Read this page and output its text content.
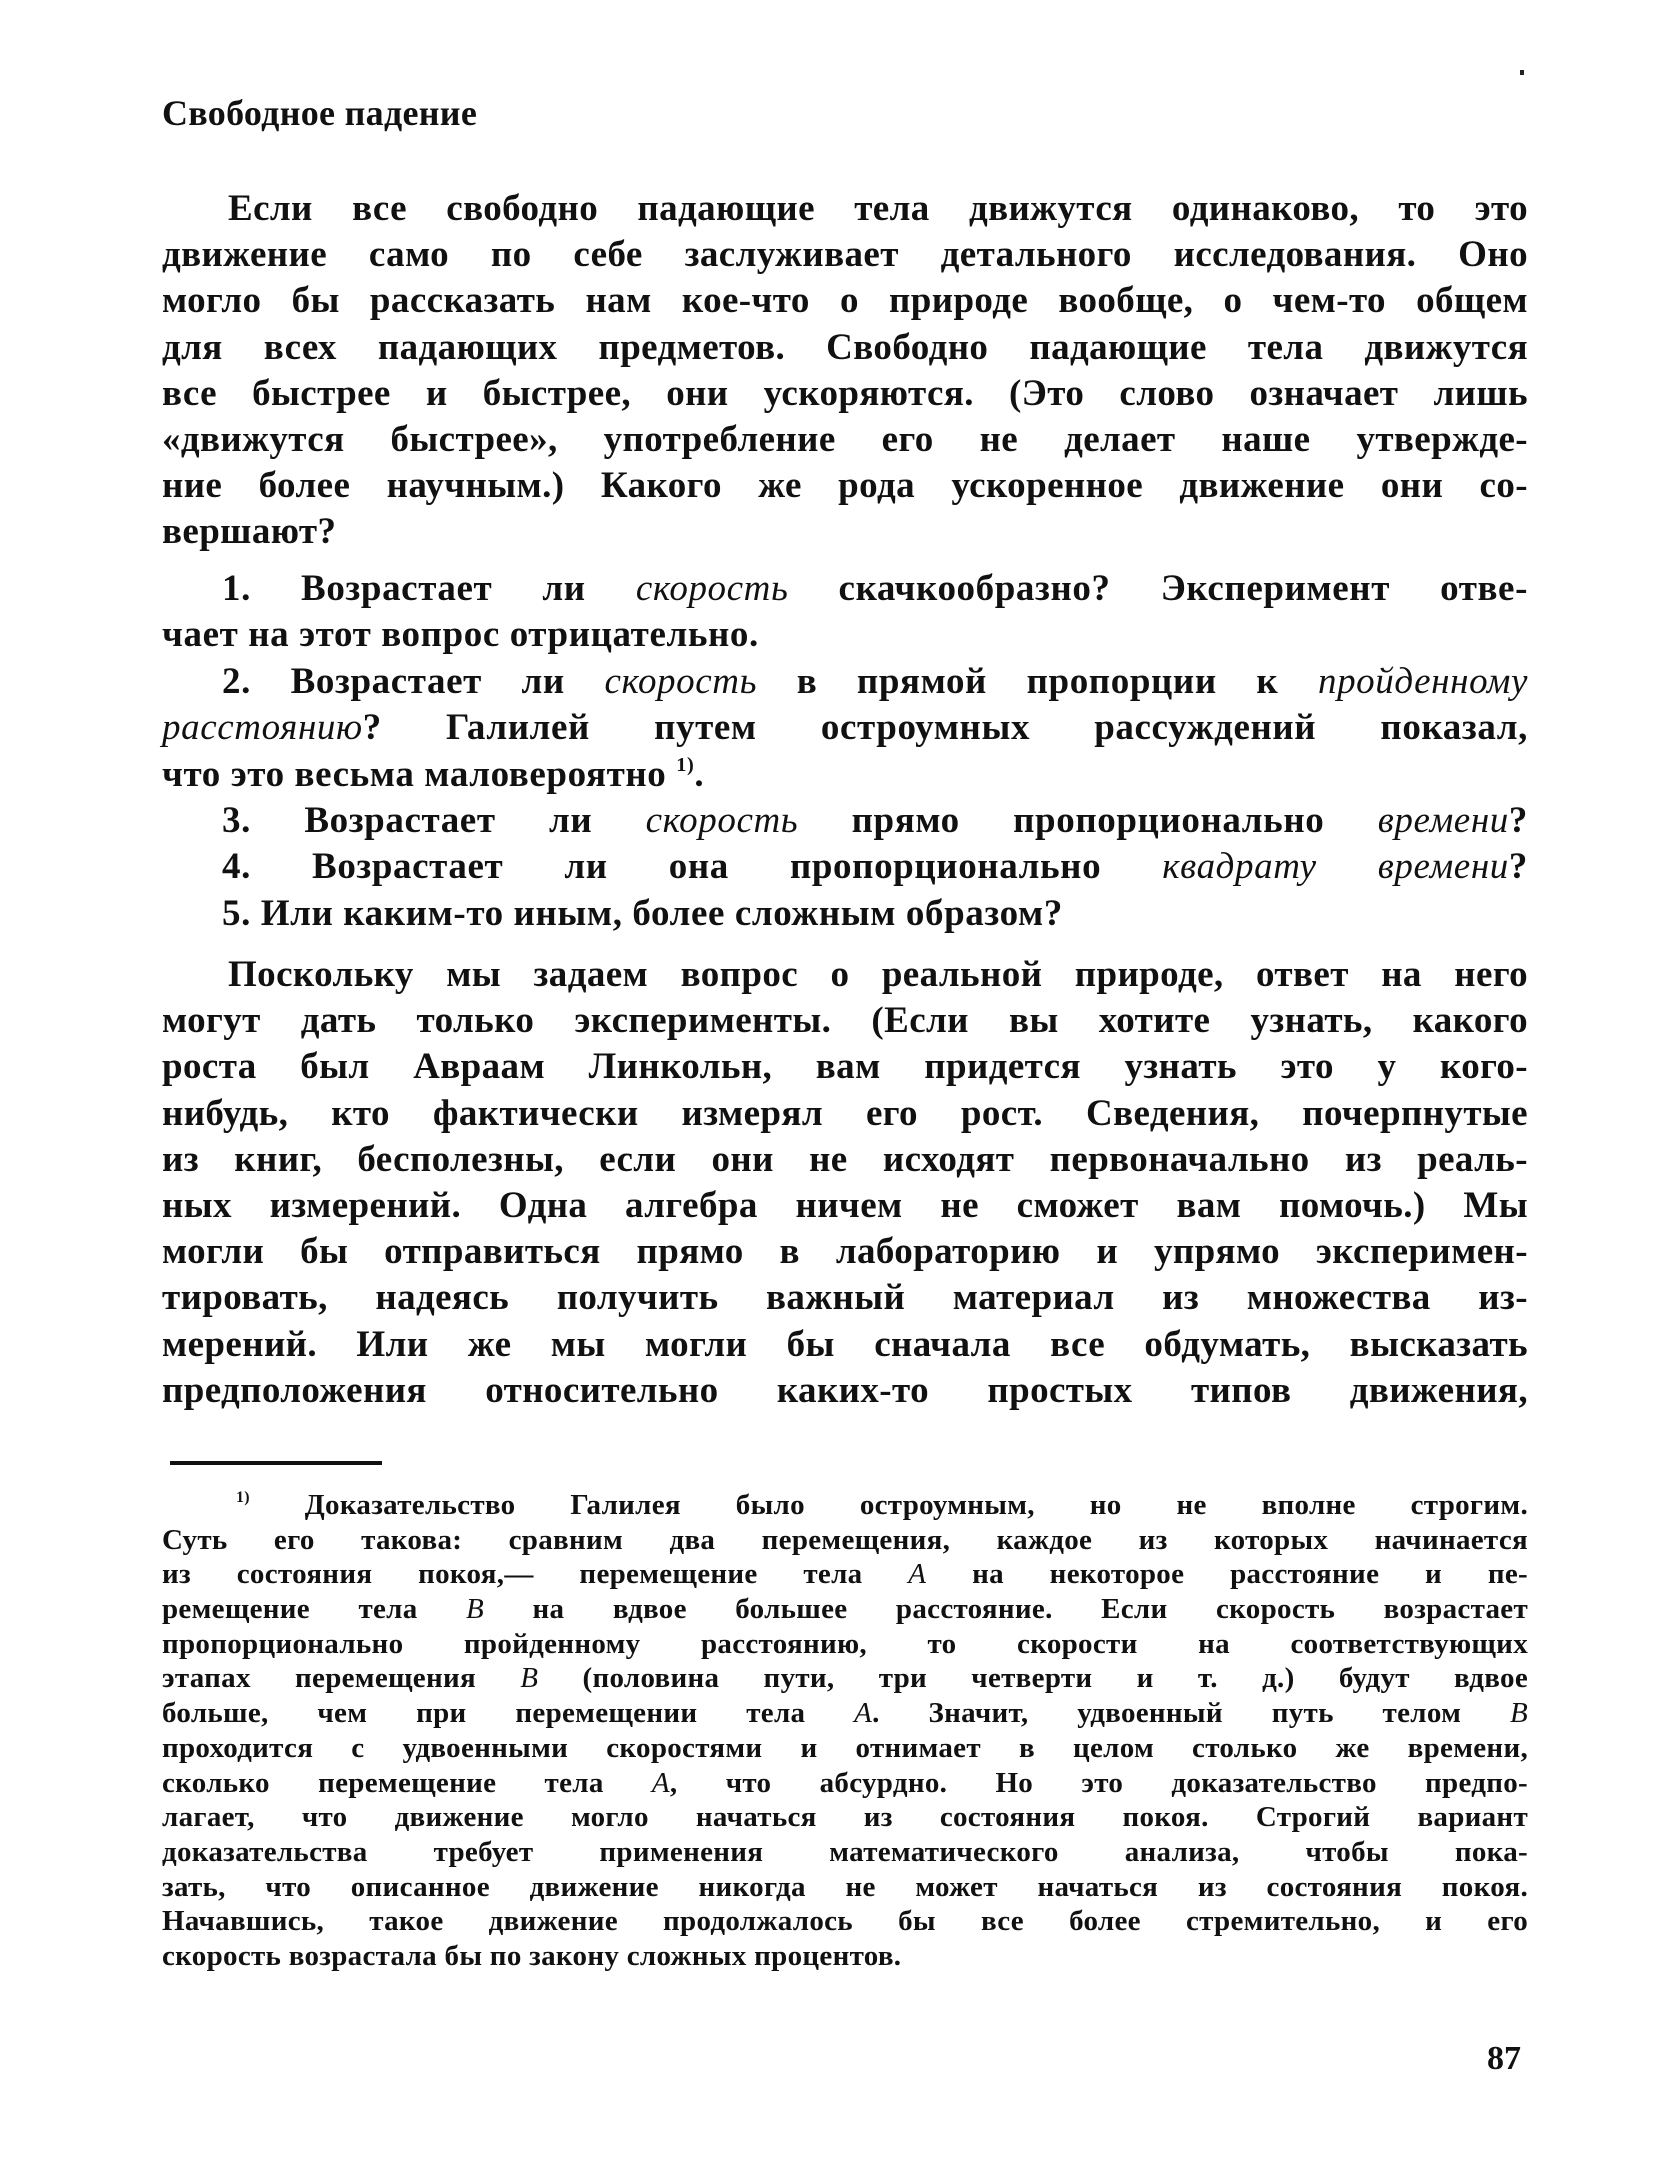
Свободное падение
Если все свободно падающие тела движутся одинаково, то это
движение само по себе заслуживает детального исследования. Оно
могло бы рассказать нам кое-что о природе вообще, о чем-то общем
для всех падающих предметов. Свободно падающие тела движутся
все быстрее и быстрее, они ускоряются. (Это слово означает лишь
«движутся быстрее», употребление его не делает наше утвержде-
ние более научным.) Какого же рода ускоренное движение они со-
вершают?
1. Возрастает ли скорость скачкообразно? Эксперимент отве-
чает на этот вопрос отрицательно.
2. Возрастает ли скорость в прямой пропорции к пройденному
расстоянию? Галилей путем остроумных рассуждений показал,
что это весьма маловероятно $^{1)}$.
3. Возрастает ли скорость прямо пропорционально времени?
4. Возрастает ли она пропорционально квадрату времени?
5. Или каким-то иным, более сложным образом?
Поскольку мы задаем вопрос о реальной природе, ответ на него
могут дать только эксперименты. (Если вы хотите узнать, какого
роста был Авраам Линкольн, вам придется узнать это у кого-
нибудь, кто фактически измерял его рост. Сведения, почерпнутые
из книг, бесполезны, если они не исходят первоначально из реаль-
ных измерений. Одна алгебра ничем не сможет вам помочь.) Мы
могли бы отправиться прямо в лабораторию и упрямо эксперимен-
тировать, надеясь получить важный материал из множества из-
мерений. Или же мы могли бы сначала все обдумать, высказать
предположения относительно каких-то простых типов движения,
$^{1)}$ Доказательство Галилея было остроумным, но не вполне строгим.
Суть его такова: сравним два перемещения, каждое из которых начинается
из состояния покоя,— перемещение тела A на некоторое расстояние и пе-
ремещение тела B на вдвое большее расстояние. Если скорость возрастает
пропорционально пройденному расстоянию, то скорости на соответствующих
этапах перемещения B (половина пути, три четверти и т. д.) будут вдвое
больше, чем при перемещении тела A. Значит, удвоенный путь телом B
проходится с удвоенными скоростями и отнимает в целом столько же времени,
сколько перемещение тела A, что абсурдно. Но это доказательство предпо-
лагает, что движение могло начаться из состояния покоя. Строгий вариант
доказательства требует применения математического анализа, чтобы пока-
зать, что описанное движение никогда не может начаться из состояния покоя.
Начавшись, такое движение продолжалось бы все более стремительно, и его
скорость возрастала бы по закону сложных процентов.
87
